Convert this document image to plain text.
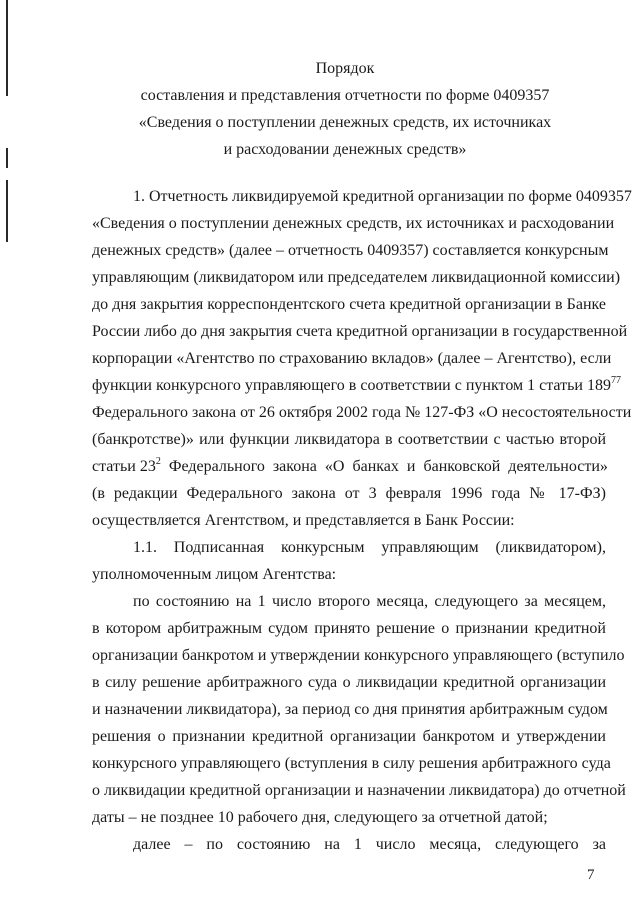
Порядок
составления и представления отчетности по форме 0409357
«Сведения о поступлении денежных средств, их источниках
и расходовании денежных средств»
1. Отчетность ликвидируемой кредитной организации по форме 0409357
«Сведения о поступлении денежных средств, их источниках и расходовании
денежных средств» (далее – отчетность 0409357) составляется конкурсным
управляющим (ликвидатором или председателем ликвидационной комиссии)
до дня закрытия корреспондентского счета кредитной организации в Банке
России либо до дня закрытия счета кредитной организации в государственной
корпорации «Агентство по страхованию вкладов» (далее – Агентство), если
функции конкурсного управляющего в соответствии с пунктом 1 статьи $189^{77}$
Федерального закона от 26 октября 2002 года № 127-ФЗ «О несостоятельности
(банкротстве)» или функции ликвидатора в соответствии с частью второй
статьи $23^2$ Федерального закона «О банках и банковской деятельности»
(в редакции Федерального закона от 3 февраля 1996 года № 17-ФЗ)
осуществляется Агентством, и представляется в Банк России:
1.1. Подписанная конкурсным управляющим (ликвидатором),
уполномоченным лицом Агентства:
по состоянию на 1 число второго месяца, следующего за месяцем,
в котором арбитражным судом принято решение о признании кредитной
организации банкротом и утверждении конкурсного управляющего (вступило
в силу решение арбитражного суда о ликвидации кредитной организации
и назначении ликвидатора), за период со дня принятия арбитражным судом
решения о признании кредитной организации банкротом и утверждении
конкурсного управляющего (вступления в силу решения арбитражного суда
о ликвидации кредитной организации и назначении ликвидатора) до отчетной
даты – не позднее 10 рабочего дня, следующего за отчетной датой;
далее – по состоянию на 1 число месяца, следующего за
7
